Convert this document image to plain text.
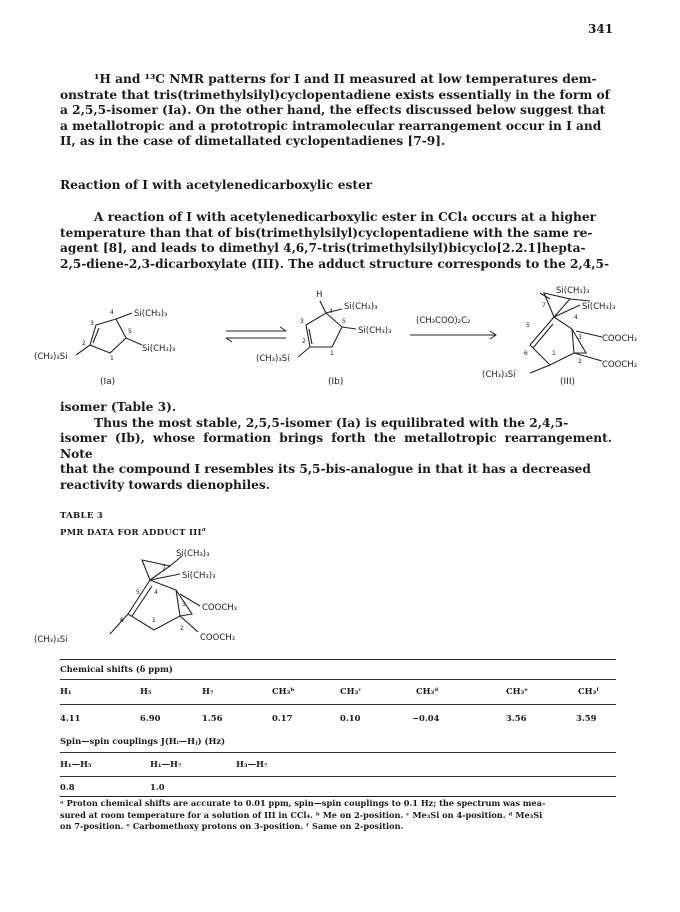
341
¹H and ¹³C NMR patterns for I and II measured at low temperatures dem-
onstrate that tris(trimethylsilyl)cyclopentadiene exists essentially in the form of
a 2,5,5-isomer (Ia). On the other hand, the effects discussed below suggest that
a metallotropic and a prototropic intramolecular rearrangement occur in I and
II, as in the case of dimetallated cyclopentadienes [7-9].
Reaction of I with acetylenedicarboxylic ester
A reaction of I with acetylenedicarboxylic ester in CCl₄ occurs at a higher
temperature than that of bis(trimethylsilyl)cyclopentadiene with the same re-
agent [8], and leads to dimethyl 4,6,7-tris(trimethylsilyl)bicyclo[2.2.1]hepta-
2,5-diene-2,3-dicarboxylate (III). The adduct structure corresponds to the 2,4,5-
Si(CH₃)₃
Si(CH₃)₃
(CH₃)₃Si
4
3
5
2
1
(Ia)
H
Si(CH₃)₃
Si(CH₃)₃
(CH₃)₃Si
4
3	5
2
1
(Ib)
(CH₃COO)₂C₂
Si(CH₃)₃
Si(CH₃)₃
COOCH₃
COOCH₃
(CH₃)₃Si
7
4
5
3
6	1
2
(III)
isomer (Table 3).
Thus the most stable, 2,5,5-isomer (Ia) is equilibrated with the 2,4,5-
isomer (Ib), whose formation brings forth the metallotropic rearrangement. Note
that the compound I resembles its 5,5-bis-analogue in that it has a decreased
reactivity towards dienophiles.
TABLE 3
PMR DATA FOR ADDUCT III$^a$
Si(CH₃)₃
Si(CH₃)₃
COOCH₃
COOCH₃
(CH₃)₃Si
7
5 4
3
6	1
2
Chemical shifts (δ ppm)
H₁	H₅	H₇	CH₃ᵇ	CH₃ᶜ	CH₃ᵈ	CH₃ᵉ	CH₃ᶠ
4.11	6.90	1.56	0.17	0.10	−0.04	3.56	3.59
Spin—spin couplings J(Hᵢ—Hⱼ) (Hz)
H₁—H₅	H₁—H₇	H₃—H₇
0.8	1.0
ᵃ Proton chemical shifts are accurate to 0.01 ppm, spin—spin couplings to 0.1 Hz; the spectrum was mea-
sured at room temperature for a solution of III in CCl₄. ᵇ Me on 2-position. ᶜ Me₃Si on 4-position. ᵈ Me₃Si
on 7-position. ᵉ Carbomethoxy protons on 3-position. ᶠ Same on 2-position.
